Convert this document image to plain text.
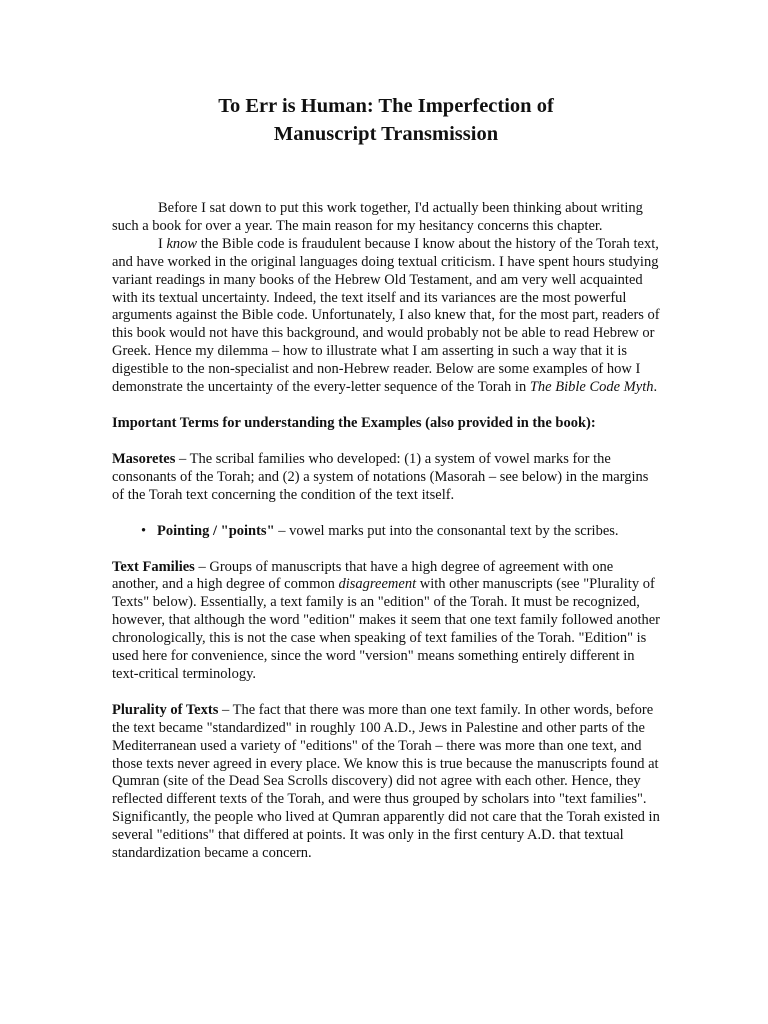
To Err is Human: The Imperfection of
Manuscript Transmission

Before I sat down to put this work together, I'd actually been thinking about writing such a book for over a year. The main reason for my hesitancy concerns this chapter.

I know the Bible code is fraudulent because I know about the history of the Torah text, and have worked in the original languages doing textual criticism. I have spent hours studying variant readings in many books of the Hebrew Old Testament, and am very well acquainted with its textual uncertainty. Indeed, the text itself and its variances are the most powerful arguments against the Bible code. Unfortunately, I also knew that, for the most part, readers of this book would not have this background, and would probably not be able to read Hebrew or Greek. Hence my dilemma – how to illustrate what I am asserting in such a way that it is digestible to the non-specialist and non-Hebrew reader. Below are some examples of how I demonstrate the uncertainty of the every-letter sequence of the Torah in The Bible Code Myth.

Important Terms for understanding the Examples (also provided in the book):

Masoretes – The scribal families who developed: (1) a system of vowel marks for the consonants of the Torah; and (2) a system of notations (Masorah – see below) in the margins of the Torah text concerning the condition of the text itself.

• Pointing / "points" – vowel marks put into the consonantal text by the scribes.

Text Families – Groups of manuscripts that have a high degree of agreement with one another, and a high degree of common disagreement with other manuscripts (see "Plurality of Texts" below). Essentially, a text family is an "edition" of the Torah. It must be recognized, however, that although the word "edition" makes it seem that one text family followed another chronologically, this is not the case when speaking of text families of the Torah. "Edition" is used here for convenience, since the word "version" means something entirely different in text-critical terminology.

Plurality of Texts – The fact that there was more than one text family. In other words, before the text became "standardized" in roughly 100 A.D., Jews in Palestine and other parts of the Mediterranean used a variety of "editions" of the Torah – there was more than one text, and those texts never agreed in every place. We know this is true because the manuscripts found at Qumran (site of the Dead Sea Scrolls discovery) did not agree with each other. Hence, they reflected different texts of the Torah, and were thus grouped by scholars into "text families". Significantly, the people who lived at Qumran apparently did not care that the Torah existed in several "editions" that differed at points. It was only in the first century A.D. that textual standardization became a concern.
